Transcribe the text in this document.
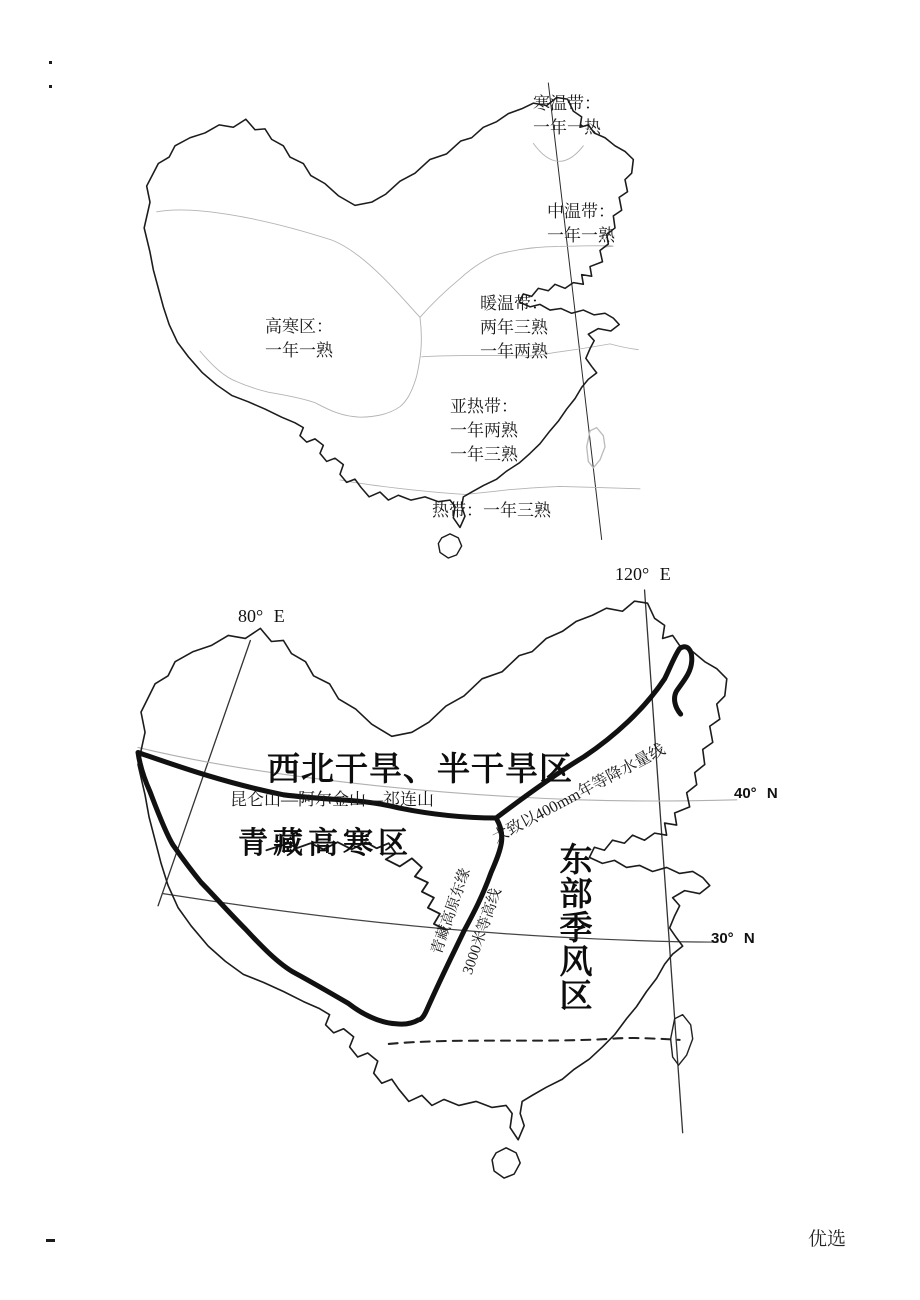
寒温带：
一年一热
中温带：
一年一熟
暖温带：
两年三熟
一年两熟
高寒区：
一年一熟
亚热带：
一年两熟
一年三熟
热带：一年三熟
80° E
120° E
40° N
30° N
西北干旱、半干旱区
青藏高寒区	东部季风区
昆仑山—阿尔金山—祁连山	大致以400mm年等降水量线
青藏高原东缘
3000米等高线
优选
